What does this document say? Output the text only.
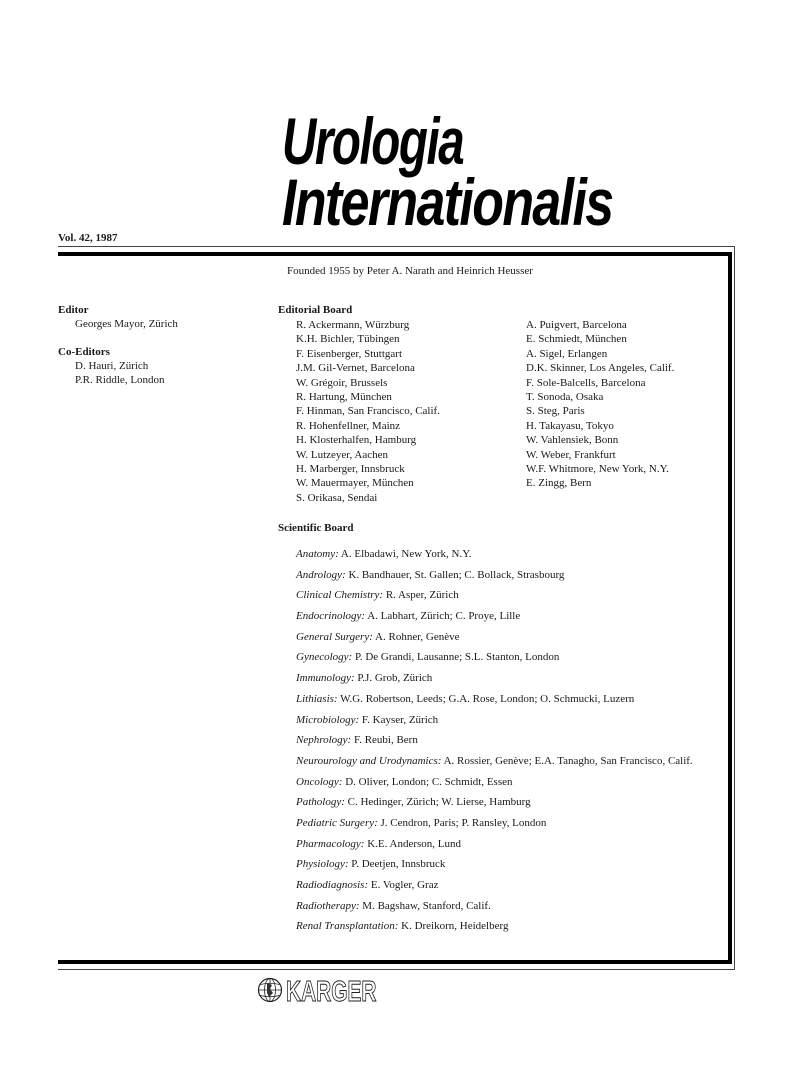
Urologia
Internationalis
Vol. 42, 1987
Founded 1955 by Peter A. Narath and Heinrich Heusser
Editor
Georges Mayor, Zürich
Co-Editors
D. Hauri, Zürich
P.R. Riddle, London
Editorial Board
R. Ackermann, Würzburg
K.H. Bichler, Tübingen
F. Eisenberger, Stuttgart
J.M. Gil-Vernet, Barcelona
W. Grégoir, Brussels
R. Hartung, München
F. Hinman, San Francisco, Calif.
R. Hohenfellner, Mainz
H. Klosterhalfen, Hamburg
W. Lutzeyer, Aachen
H. Marberger, Innsbruck
W. Mauermayer, München
S. Orikasa, Sendai
A. Puigvert, Barcelona
E. Schmiedt, München
A. Sigel, Erlangen
D.K. Skinner, Los Angeles, Calif.
F. Sole-Balcells, Barcelona
T. Sonoda, Osaka
S. Steg, Paris
H. Takayasu, Tokyo
W. Vahlensiek, Bonn
W. Weber, Frankfurt
W.F. Whitmore, New York, N.Y.
E. Zingg, Bern
Scientific Board
Anatomy: A. Elbadawi, New York, N.Y.
Andrology: K. Bandhauer, St. Gallen; C. Bollack, Strasbourg
Clinical Chemistry: R. Asper, Zürich
Endocrinology: A. Labhart, Zürich; C. Proye, Lille
General Surgery: A. Rohner, Genève
Gynecology: P. De Grandi, Lausanne; S.L. Stanton, London
Immunology: P.J. Grob, Zürich
Lithiasis: W.G. Robertson, Leeds; G.A. Rose, London; O. Schmucki, Luzern
Microbiology: F. Kayser, Zürich
Nephrology: F. Reubi, Bern
Neurourology and Urodynamics: A. Rossier, Genève; E.A. Tanagho, San Francisco, Calif.
Oncology: D. Oliver, London; C. Schmidt, Essen
Pathology: C. Hedinger, Zürich; W. Lierse, Hamburg
Pediatric Surgery: J. Cendron, Paris; P. Ransley, London
Pharmacology: K.E. Anderson, Lund
Physiology: P. Deetjen, Innsbruck
Radiodiagnosis: E. Vogler, Graz
Radiotherapy: M. Bagshaw, Stanford, Calif.
Renal Transplantation: K. Dreikorn, Heidelberg
KARGER
